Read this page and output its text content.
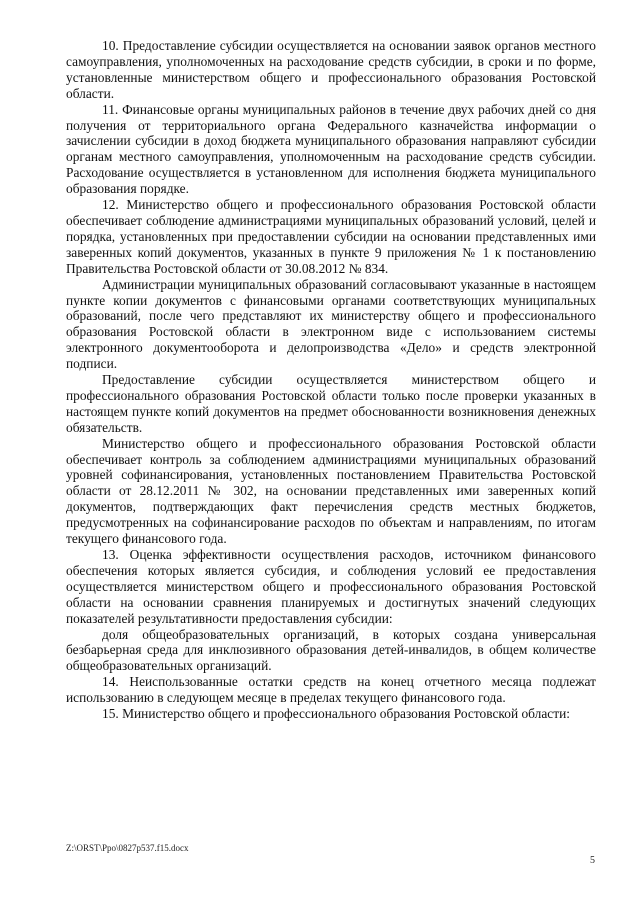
10. Предоставление субсидии осуществляется на основании заявок органов местного самоуправления, уполномоченных на расходование средств субсидии, в сроки и по форме, установленные министерством общего и профессионального образования Ростовской области.

11. Финансовые органы муниципальных районов в течение двух рабочих дней со дня получения от территориального органа Федерального казначейства информации о зачислении субсидии в доход бюджета муниципального образования направляют субсидии органам местного самоуправления, уполномоченным на расходование средств субсидии. Расходование осуществляется в установленном для исполнения бюджета муниципального образования порядке.

12. Министерство общего и профессионального образования Ростовской области обеспечивает соблюдение администрациями муниципальных образований условий, целей и порядка, установленных при предоставлении субсидии на основании представленных ими заверенных копий документов, указанных в пункте 9 приложения № 1 к постановлению Правительства Ростовской области от 30.08.2012 № 834.

Администрации муниципальных образований согласовывают указанные в настоящем пункте копии документов с финансовыми органами соответствующих муниципальных образований, после чего представляют их министерству общего и профессионального образования Ростовской области в электронном виде с использованием системы электронного документооборота и делопроизводства «Дело» и средств электронной подписи.

Предоставление субсидии осуществляется министерством общего и профессионального образования Ростовской области только после проверки указанных в настоящем пункте копий документов на предмет обоснованности возникновения денежных обязательств.

Министерство общего и профессионального образования Ростовской области обеспечивает контроль за соблюдением администрациями муниципальных образований уровней софинансирования, установленных постановлением Правительства Ростовской области от 28.12.2011 № 302, на основании представленных ими заверенных копий документов, подтверждающих факт перечисления средств местных бюджетов, предусмотренных на софинансирование расходов по объектам и направлениям, по итогам текущего финансового года.

13. Оценка эффективности осуществления расходов, источником финансового обеспечения которых является субсидия, и соблюдения условий ее предоставления осуществляется министерством общего и профессионального образования Ростовской области на основании сравнения планируемых и достигнутых значений следующих показателей результативности предоставления субсидии:

доля общеобразовательных организаций, в которых создана универсальная безбарьерная среда для инклюзивного образования детей-инвалидов, в общем количестве общеобразовательных организаций.

14. Неиспользованные остатки средств на конец отчетного месяца подлежат использованию в следующем месяце в пределах текущего финансового года.

15. Министерство общего и профессионального образования Ростовской области:

Z:\ORST\Ppo\0827p537.f15.docx
5
